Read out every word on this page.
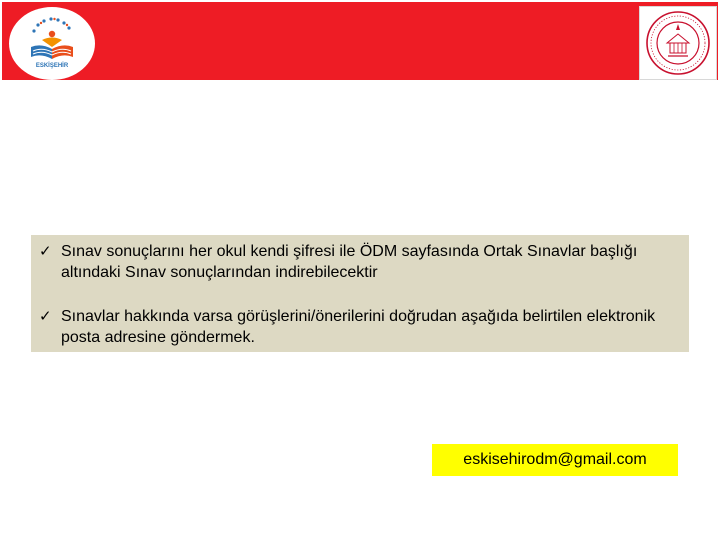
ESKİŞEHİR
✓ Sınav sonuçlarını her okul kendi şifresi ile ÖDM sayfasında Ortak Sınavlar başlığı altındaki Sınav sonuçlarından indirebilecektir
✓ Sınavlar hakkında varsa görüşlerini/önerilerini doğrudan aşağıda belirtilen elektronik posta adresine göndermek.
eskisehirodm@gmail.com
